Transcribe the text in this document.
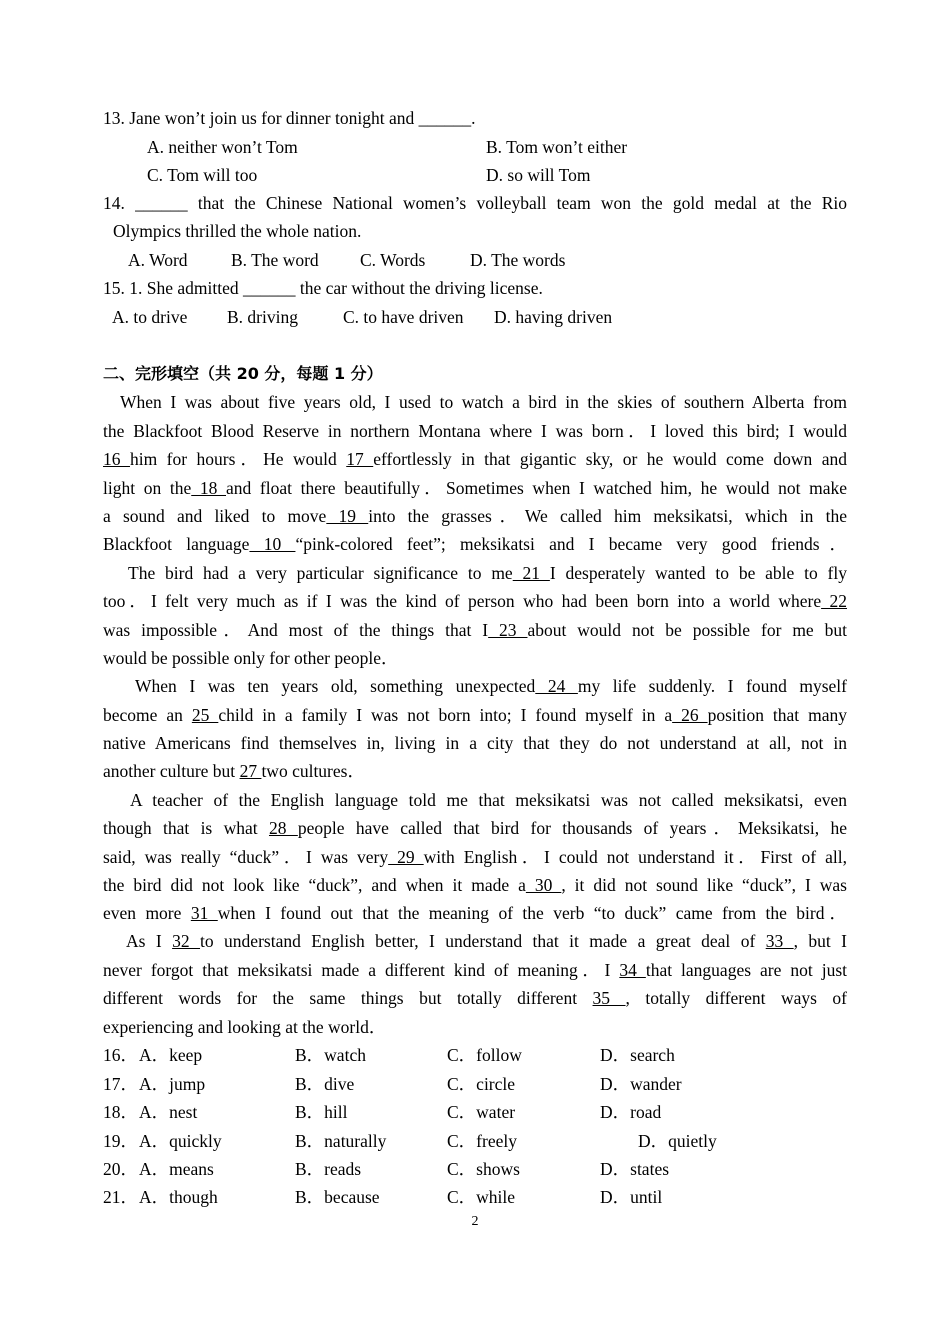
13. Jane won’t join us for dinner tonight and ______.
A. neither won’t Tom	B. Tom won’t either
C. Tom will too	D. so will Tom
14. ______ that the Chinese National women’s volleyball team won the gold medal at the Rio
Olympics thrilled the whole nation.
A. Word B. The word C. Words	D. The words
15. 1. She admitted ______ the car without the driving license.
A. to drive B. driving	C. to have driven D. having driven
二、完形填空（共 20 分，每题 1 分）
When I was about five years old, I used to watch a bird in the skies of southern Alberta from
the Blackfoot Blood Reserve in northern Montana where I was born．I loved this bird; I would
16 him for hours．He would 17 effortlessly in that gigantic sky, or he would come down and
light on the 18 and float there beautifully．Sometimes when I watched him, he would not make
a sound and liked to move 19 into the grasses．We called him meksikatsi, which in the
Blackfoot language 10 “pink-colored feet”; meksikatsi and I became very good friends．
The bird had a very particular significance to me 21 I desperately wanted to be able to fly
too．I felt very much as if I was the kind of person who had been born into a world where 22
was impossible．And most of the things that I 23 about would not be possible for me but
would be possible only for other people．
When I was ten years old, something unexpected 24 my life suddenly. I found myself
become an 25 child in a family I was not born into; I found myself in a 26 position that many
native Americans find themselves in, living in a city that they do not understand at all, not in
another culture but 27 two cultures．
A teacher of the English language told me that meksikatsi was not called meksikatsi, even
though that is what 28 people have called that bird for thousands of years．Meksikatsi, he
said, was really “duck”．I was very 29 with English．I could not understand it．First of all,
the bird did not look like “duck”, and when it made a 30 , it did not sound like “duck”, I was
even more 31 when I found out that the meaning of the verb “to duck” came from the bird．
As I 32 to understand English better, I understand that it made a great deal of 33 , but I
never forgot that meksikatsi made a different kind of meaning．I 34 that languages are not just
different words for the same things but totally different 35 , totally different ways of
experiencing and looking at the world．
16． A．keep	B．watch	C．follow	D．search
17． A．jump	B．dive	C．circle	D．wander
18． A．nest	B．hill	C．water	D．road
19． A．quickly	B．naturally	C．freely	D．quietly
20． A．means	B．reads	C．shows	D．states
21． A．though	B．because	C．while	D．until
2
